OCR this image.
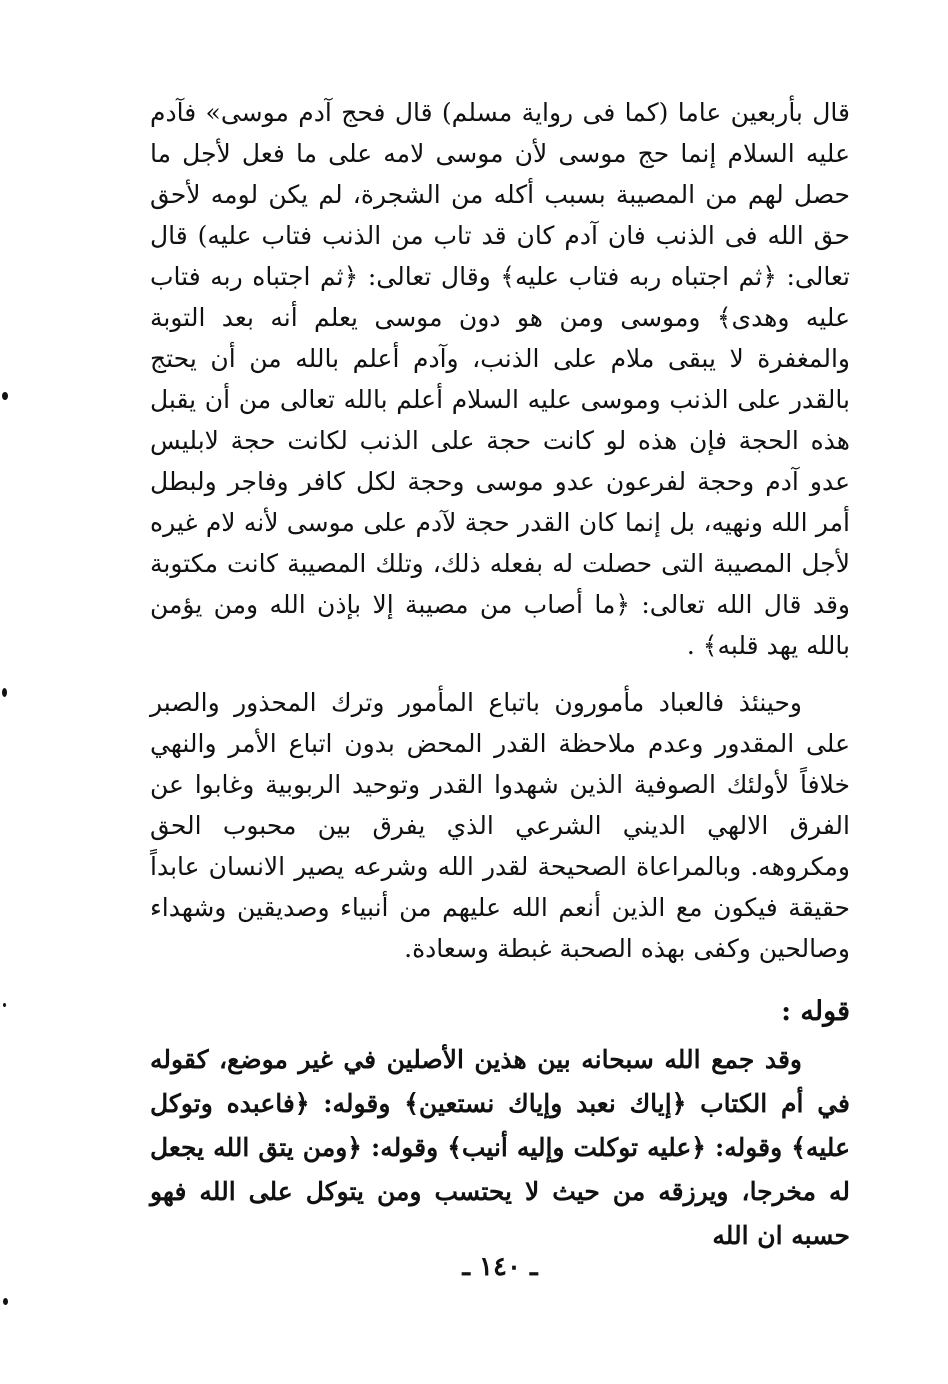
قال بأربعين عاما (كما فى رواية مسلم) قال فحج آدم موسى» فآدم عليه السلام إنما حج موسى لأن موسى لامه على ما فعل لأجل ما حصل لهم من المصيبة بسبب أكله من الشجرة، لم يكن لومه لأحق حق الله فى الذنب فان آدم كان قد تاب من الذنب فتاب عليه) قال تعالى: ﴿ثم اجتباه ربه فتاب عليه﴾ وقال تعالى: ﴿ثم اجتباه ربه فتاب عليه وهدى﴾ وموسى ومن هو دون موسى يعلم أنه بعد التوبة والمغفرة لا يبقى ملام على الذنب، وآدم أعلم بالله من أن يحتج بالقدر على الذنب وموسى عليه السلام أعلم بالله تعالى من أن يقبل هذه الحجة فإن هذه لو كانت حجة على الذنب لكانت حجة لابليس عدو آدم وحجة لفرعون عدو موسى وحجة لكل كافر وفاجر ولبطل أمر الله ونهيه، بل إنما كان القدر حجة لآدم على موسى لأنه لام غيره لأجل المصيبة التى حصلت له بفعله ذلك، وتلك المصيبة كانت مكتوبة وقد قال الله تعالى: ﴿ما أصاب من مصيبة إلا بإذن الله ومن يؤمن بالله يهد قلبه﴾ .

وحينئذ فالعباد مأمورون باتباع المأمور وترك المحذور والصبر على المقدور وعدم ملاحظة القدر المحض بدون اتباع الأمر والنهي خلافاً لأولئك الصوفية الذين شهدوا القدر وتوحيد الربوبية وغابوا عن الفرق الالهي الديني الشرعي الذي يفرق بين محبوب الحق ومكروهه. وبالمراعاة الصحيحة لقدر الله وشرعه يصير الانسان عابداً حقيقة فيكون مع الذين أنعم الله عليهم من أنبياء وصديقين وشهداء وصالحين وكفى بهذه الصحبة غبطة وسعادة.

قوله :

وقد جمع الله سبحانه بين هذين الأصلين في غير موضع، كقوله في أم الكتاب ﴿إياك نعبد وإياك نستعين﴾ وقوله: ﴿فاعبده وتوكل عليه﴾ وقوله: ﴿عليه توكلت وإليه أنيب﴾ وقوله: ﴿ومن يتق الله يجعل له مخرجا، ويرزقه من حيث لا يحتسب ومن يتوكل على الله فهو حسبه ان الله

ـ ١٤٠ ـ
